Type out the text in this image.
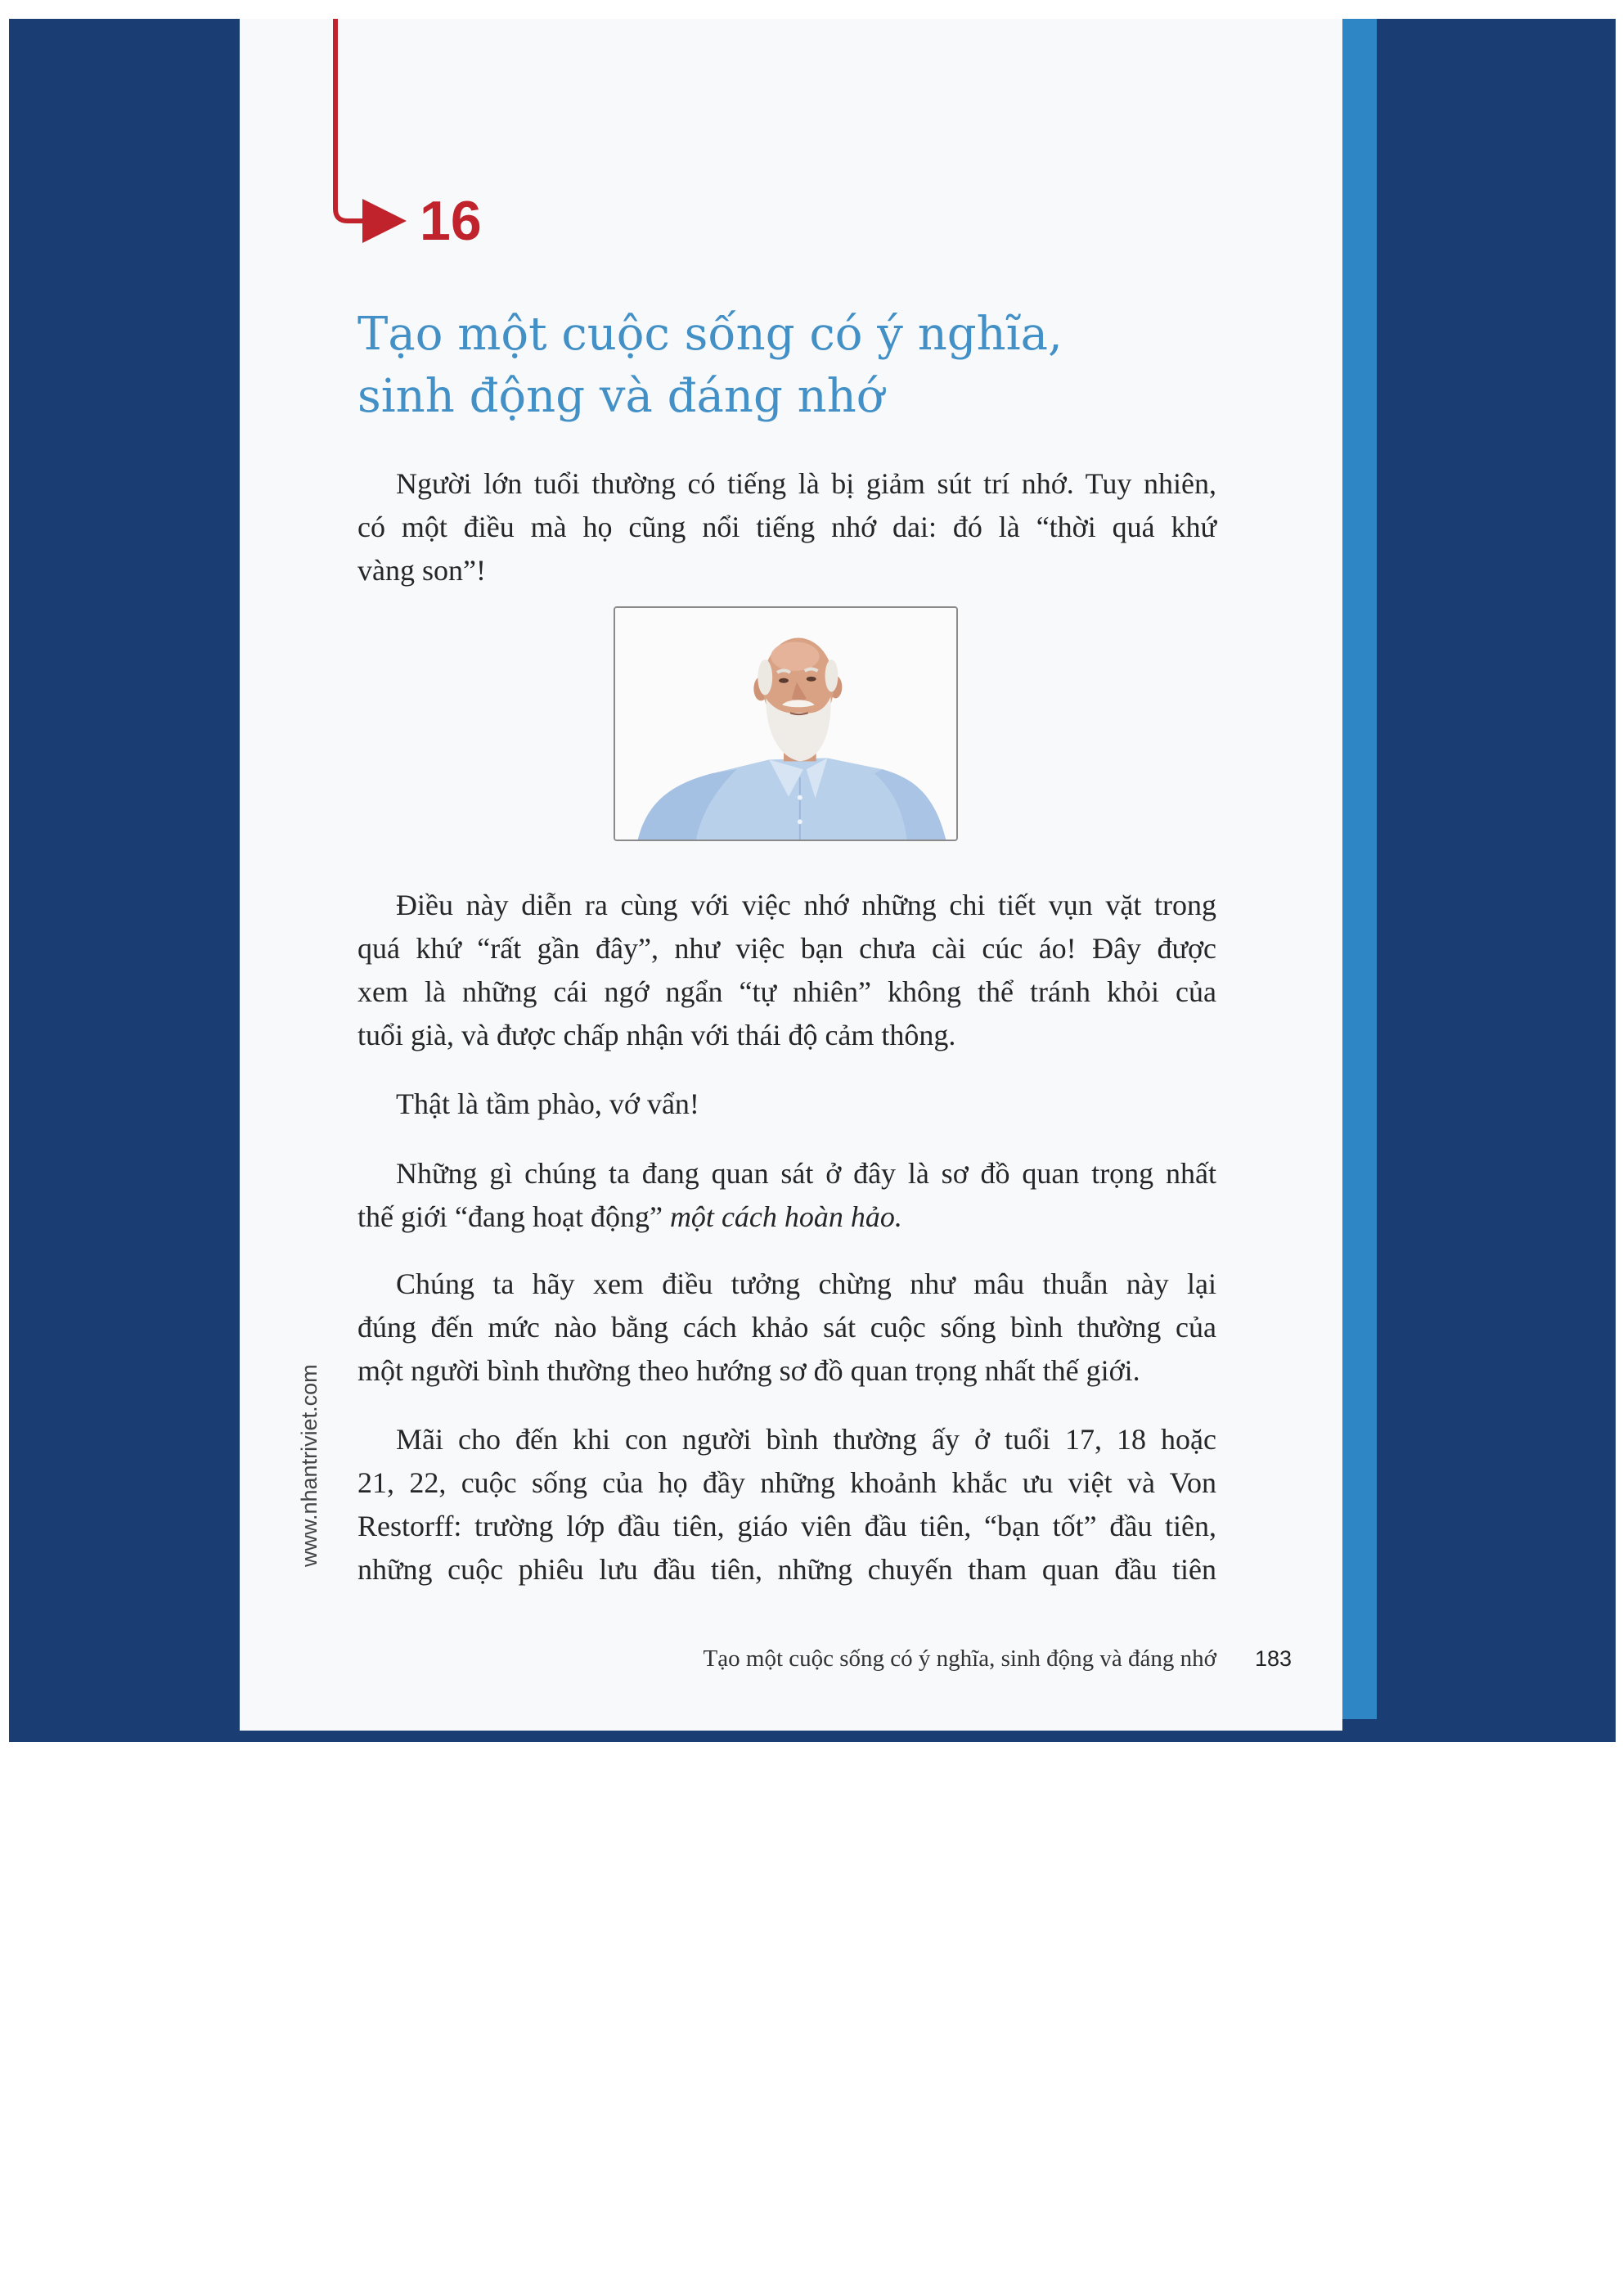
16
Tạo một cuộc sống có ý nghĩa,
sinh động và đáng nhớ
Người lớn tuổi thường có tiếng là bị giảm sút trí nhớ. Tuy nhiên,
có một điều mà họ cũng nổi tiếng nhớ dai: đó là “thời quá khứ
vàng son”!
Điều này diễn ra cùng với việc nhớ những chi tiết vụn vặt trong
quá khứ “rất gần đây”, như việc bạn chưa cài cúc áo! Đây được
xem là những cái ngớ ngẩn “tự nhiên” không thể tránh khỏi của
tuổi già, và được chấp nhận với thái độ cảm thông.
Thật là tầm phào, vớ vẩn!
Những gì chúng ta đang quan sát ở đây là sơ đồ quan trọng nhất
thế giới “đang hoạt động” một cách hoàn hảo.
Chúng ta hãy xem điều tưởng chừng như mâu thuẫn này lại
đúng đến mức nào bằng cách khảo sát cuộc sống bình thường của
một người bình thường theo hướng sơ đồ quan trọng nhất thế giới.
Mãi cho đến khi con người bình thường ấy ở tuổi 17, 18 hoặc
21, 22, cuộc sống của họ đầy những khoảnh khắc ưu việt và Von
Restorff: trường lớp đầu tiên, giáo viên đầu tiên, “bạn tốt” đầu tiên,
những cuộc phiêu lưu đầu tiên, những chuyến tham quan đầu tiên
www.nhantriviet.com
Tạo một cuộc sống có ý nghĩa, sinh động và đáng nhớ 183
